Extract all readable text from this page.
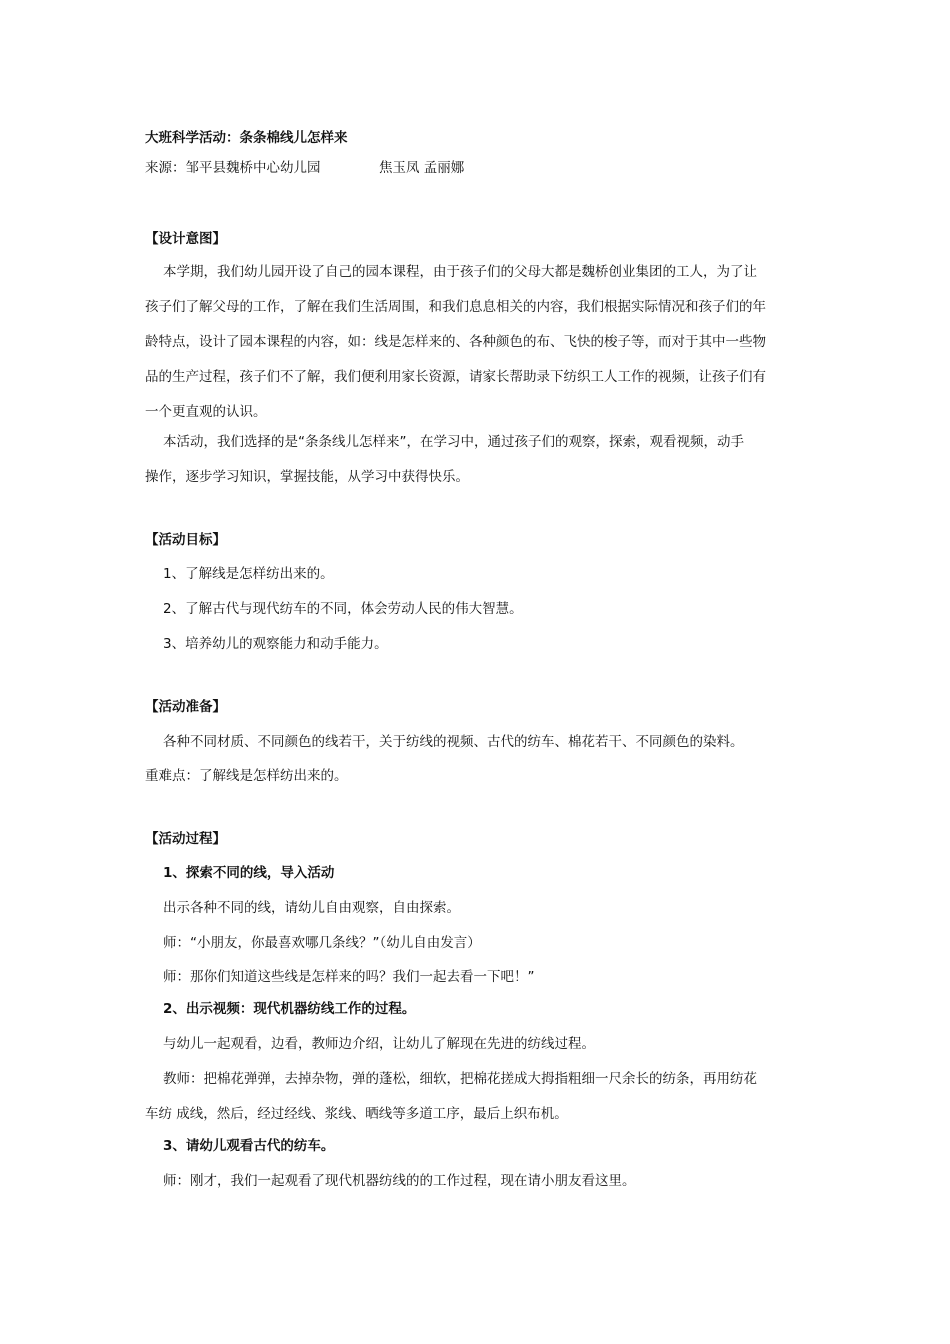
大班科学活动：条条棉线儿怎样来
来源：邹平县魏桥中心幼儿园	焦玉凤 孟丽娜
【设计意图】
本学期，我们幼儿园开设了自己的园本课程，由于孩子们的父母大都是魏桥创业集团的工人，为了让
孩子们了解父母的工作，了解在我们生活周围，和我们息息相关的内容，我们根据实际情况和孩子们的年
龄特点，设计了园本课程的内容，如：线是怎样来的、各种颜色的布、飞快的梭子等，而对于其中一些物
品的生产过程，孩子们不了解，我们便利用家长资源，请家长帮助录下纺织工人工作的视频，让孩子们有
一个更直观的认识。
本活动，我们选择的是“条条线儿怎样来”，在学习中，通过孩子们的观察，探索，观看视频，动手
操作，逐步学习知识，掌握技能，从学习中获得快乐。
【活动目标】
1、了解线是怎样纺出来的。
2、了解古代与现代纺车的不同，体会劳动人民的伟大智慧。
3、培养幼儿的观察能力和动手能力。
【活动准备】
各种不同材质、不同颜色的线若干，关于纺线的视频、古代的纺车、棉花若干、不同颜色的染料。
重难点：了解线是怎样纺出来的。
【活动过程】
1、探索不同的线，导入活动
出示各种不同的线，请幼儿自由观察，自由探索。
师：“小朋友，你最喜欢哪几条线？”（幼儿自由发言）
师：那你们知道这些线是怎样来的吗？我们一起去看一下吧！”
2、出示视频：现代机器纺线工作的过程。
与幼儿一起观看，边看，教师边介绍，让幼儿了解现在先进的纺线过程。
教师：把棉花弹弹，去掉杂物，弹的蓬松，细软，把棉花搓成大拇指粗细一尺余长的纺条，再用纺花
车纺 成线，然后，经过经线、浆线、晒线等多道工序，最后上织布机。
3、请幼儿观看古代的纺车。
师：刚才，我们一起观看了现代机器纺线的的工作过程，现在请小朋友看这里。
